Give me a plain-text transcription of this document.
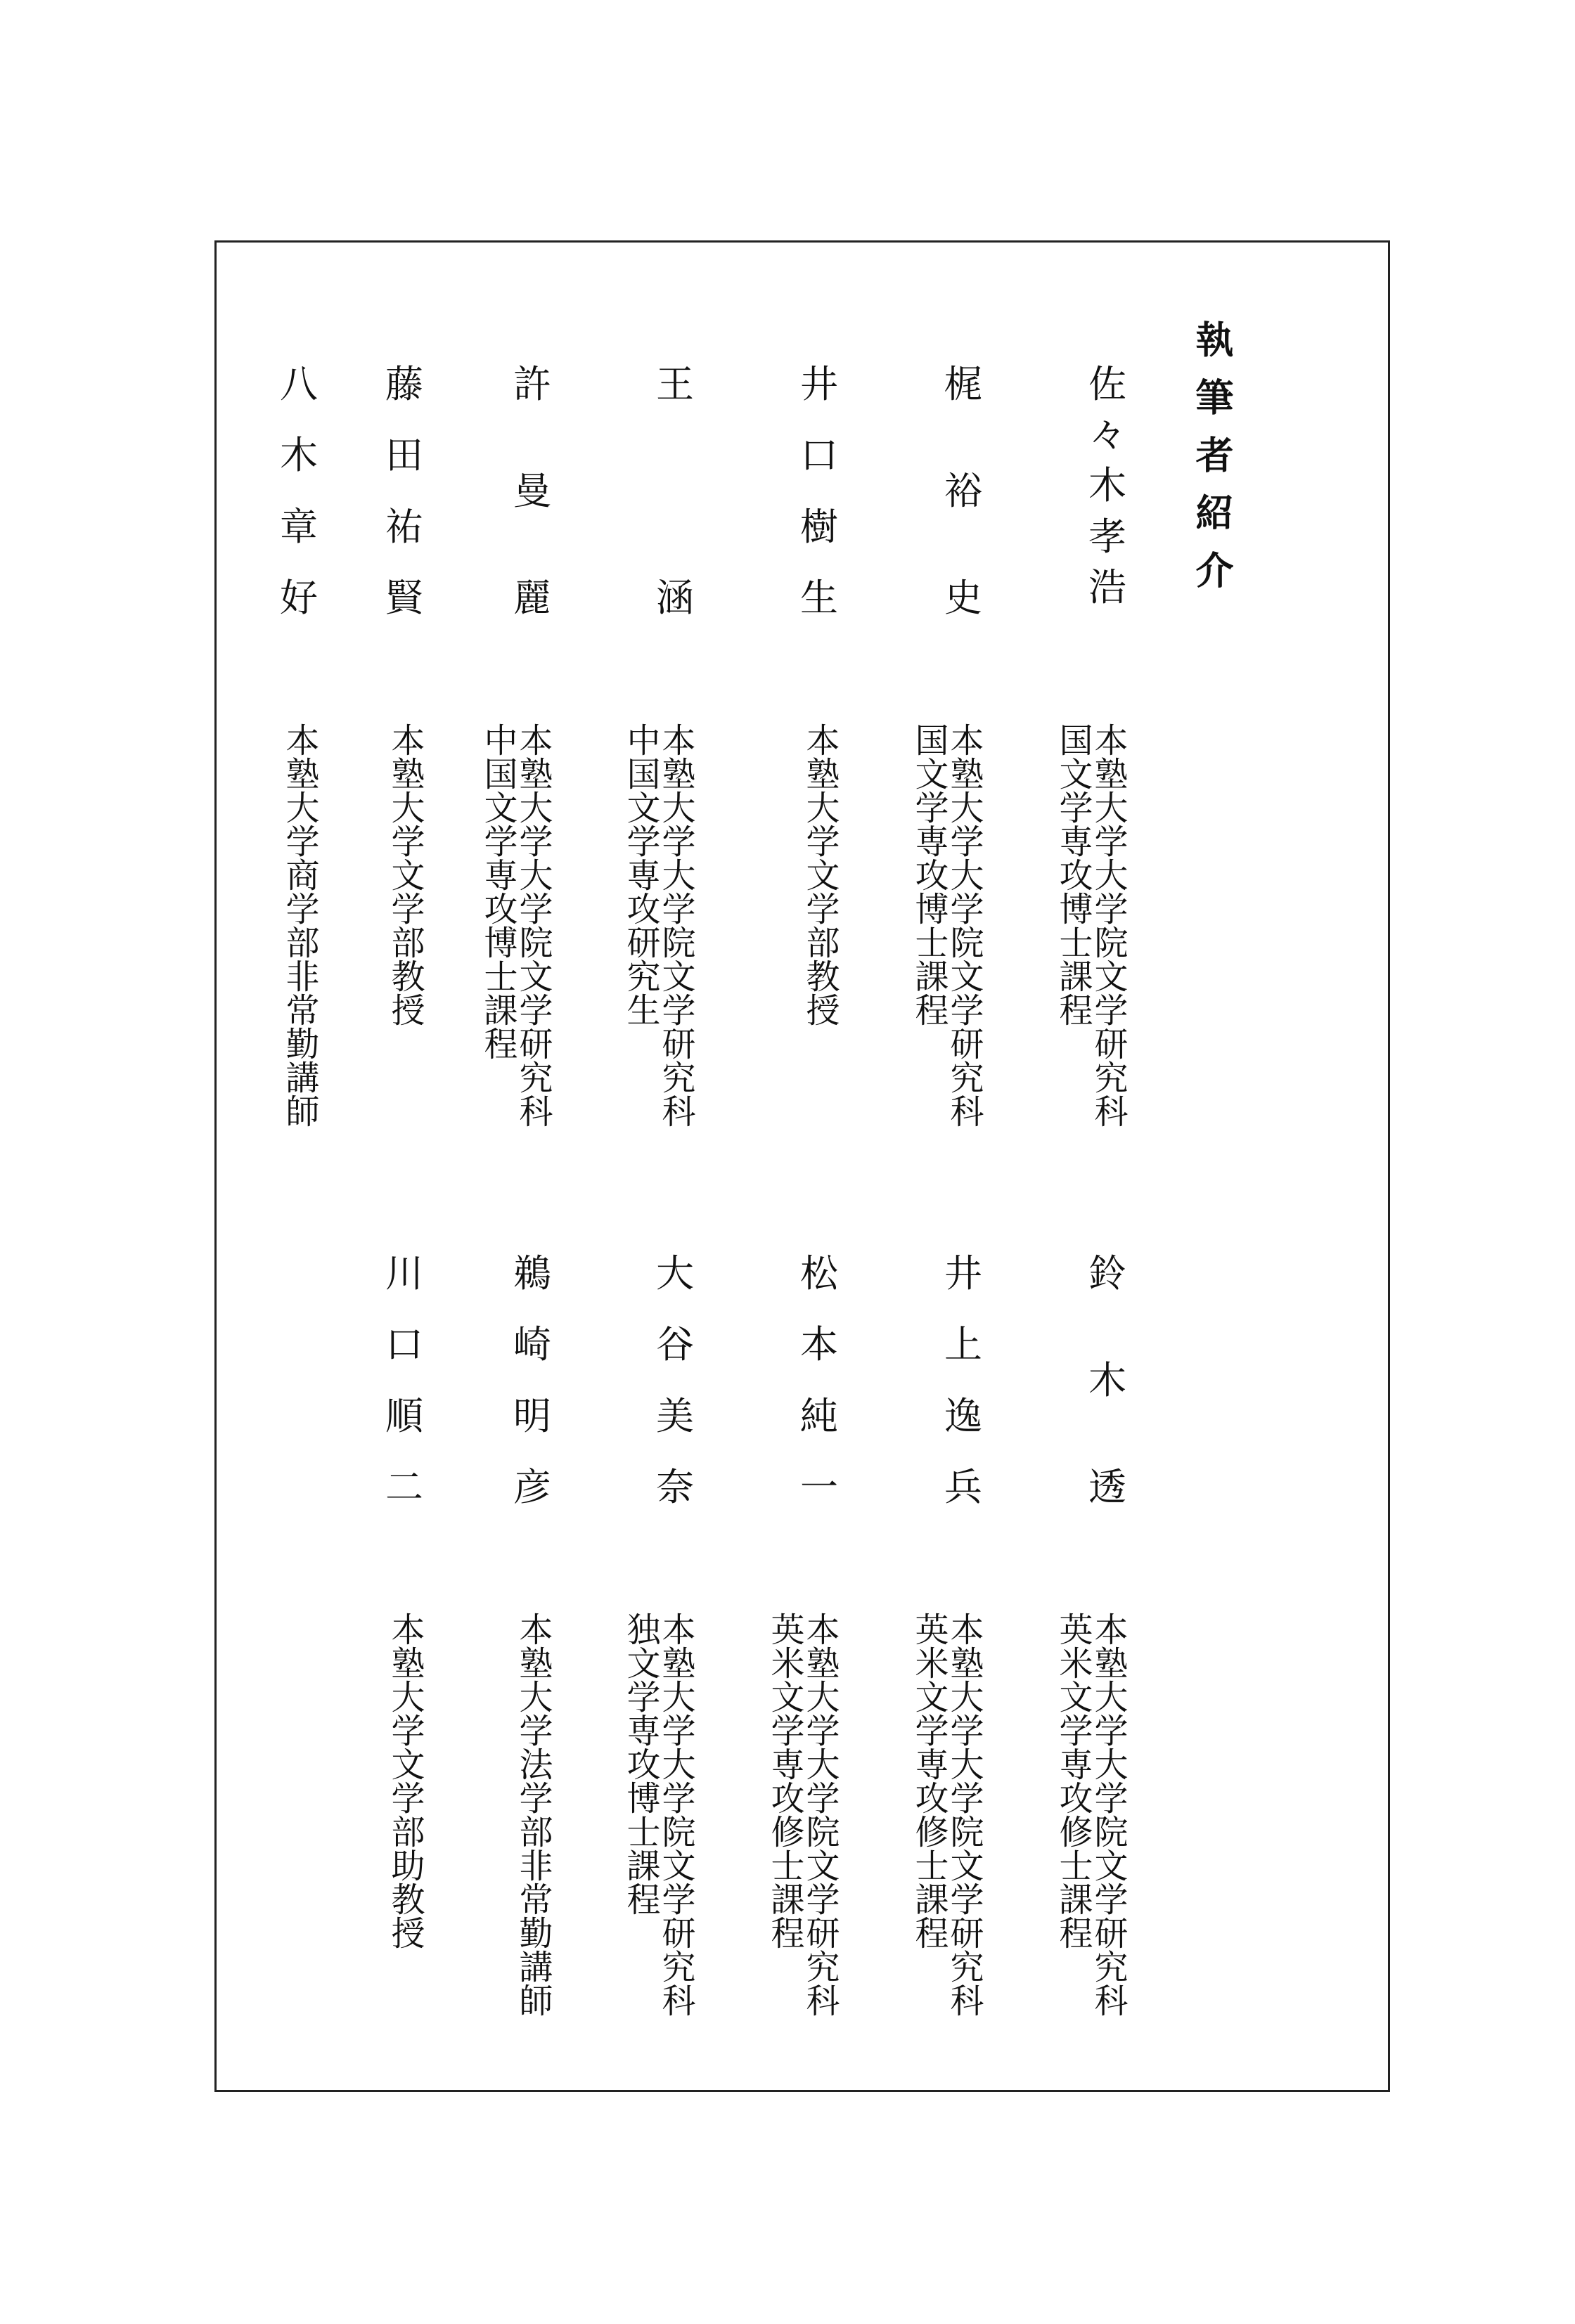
執筆者紹介
佐
々
木
孝
浩
本塾大学大学院文学研究科
国文学専攻博士課程
梶
裕
史
本塾大学大学院文学研究科
国文学専攻博士課程
井
口
樹
生
本塾大学文学部教授
王
涵
本塾大学大学院文学研究科
中国文学専攻研究生
許
曼
麗
本塾大学大学院文学研究科
中国文学専攻博士課程
藤
田
祐
賢
本塾大学文学部教授
八
木
章
好
本塾大学商学部非常勤講師
鈴
木
透
本塾大学大学院文学研究科
英米文学専攻修士課程
井
上
逸
兵
本塾大学大学院文学研究科
英米文学専攻修士課程
松
本
純
一
本塾大学大学院文学研究科
英米文学専攻修士課程
大
谷
美
奈
本塾大学大学院文学研究科
独文学専攻博士課程
鵜
崎
明
彦
本塾大学法学部非常勤講師
川
口
順
二
本塾大学文学部助教授
